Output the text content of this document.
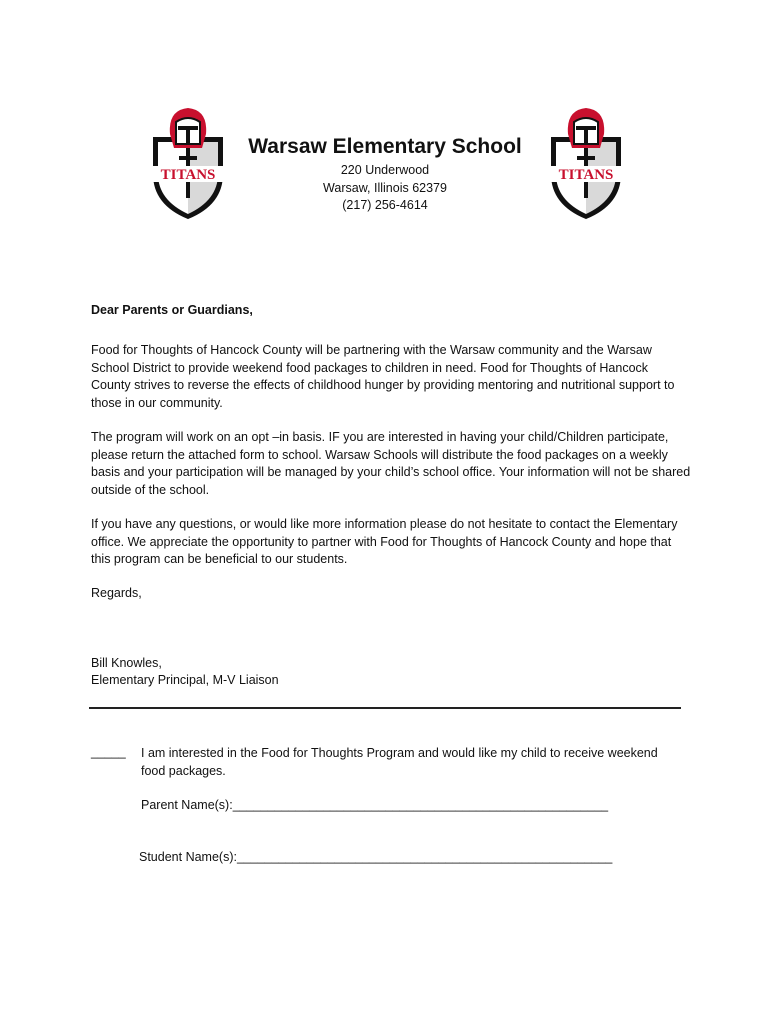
TITANS	TITANS
Warsaw Elementary School
220 Underwood
Warsaw, Illinois 62379
(217) 256-4614
Dear Parents or Guardians,

Food for Thoughts of Hancock County will be partnering with the Warsaw community and the Warsaw School District to provide weekend food packages to children in need. Food for Thoughts of Hancock County strives to reverse the effects of childhood hunger by providing mentoring and nutritional support to those in our community.

The program will work on an opt –in basis. IF you are interested in having your child/Children participate, please return the attached form to school. Warsaw Schools will distribute the food packages on a weekly basis and your participation will be managed by your child’s school office. Your information will not be shared outside of the school.

If you have any questions, or would like more information please do not hesitate to contact the Elementary office. We appreciate the opportunity to partner with Food for Thoughts of Hancock County and hope that this program can be beneficial to our students.

Regards,
Bill Knowles,
Elementary Principal, M-V Liaison
_____ I am interested in the Food for Thoughts Program and would like my child to receive weekend food packages.
Parent Name(s):______________________________________________________
Student Name(s):______________________________________________________
